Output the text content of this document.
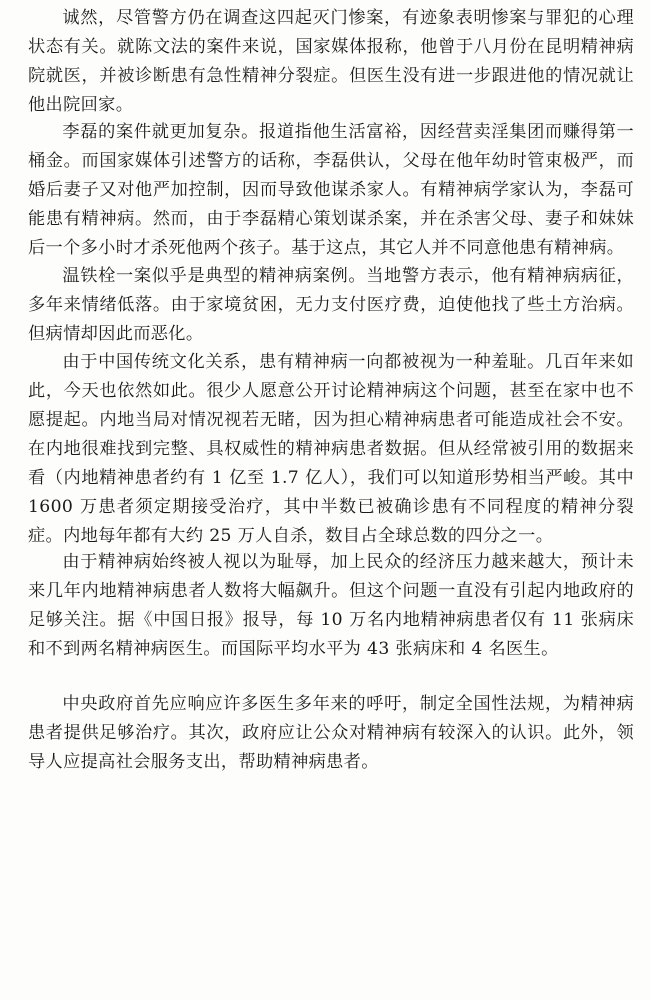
诚然，尽管警方仍在调查这四起灭门惨案，有迹象表明惨案与罪犯的心理状态有关。就陈文法的案件来说，国家媒体报称，他曾于八月份在昆明精神病院就医，并被诊断患有急性精神分裂症。但医生没有进一步跟进他的情况就让他出院回家。

李磊的案件就更加复杂。报道指他生活富裕，因经营卖淫集团而赚得第一桶金。而国家媒体引述警方的话称，李磊供认，父母在他年幼时管束极严，而婚后妻子又对他严加控制，因而导致他谋杀家人。有精神病学家认为，李磊可能患有精神病。然而，由于李磊精心策划谋杀案，并在杀害父母、妻子和妹妹后一个多小时才杀死他两个孩子。基于这点，其它人并不同意他患有精神病。

温铁栓一案似乎是典型的精神病案例。当地警方表示，他有精神病病征，多年来情绪低落。由于家境贫困，无力支付医疗费，迫使他找了些土方治病。但病情却因此而恶化。

由于中国传统文化关系，患有精神病一向都被视为一种羞耻。几百年来如此，今天也依然如此。很少人愿意公开讨论精神病这个问题，甚至在家中也不愿提起。内地当局对情况视若无睹，因为担心精神病患者可能造成社会不安。在内地很难找到完整、具权威性的精神病患者数据。但从经常被引用的数据来看（内地精神患者约有 1 亿至 1.7 亿人），我们可以知道形势相当严峻。其中 1600 万患者须定期接受治疗，其中半数已被确诊患有不同程度的精神分裂症。内地每年都有大约 25 万人自杀，数目占全球总数的四分之一。

由于精神病始终被人视以为耻辱，加上民众的经济压力越来越大，预计未来几年内地精神病患者人数将大幅飙升。但这个问题一直没有引起内地政府的足够关注。据《中国日报》报导，每 10 万名内地精神病患者仅有 11 张病床和不到两名精神病医生。而国际平均水平为 43 张病床和 4 名医生。

中央政府首先应响应许多医生多年来的呼吁，制定全国性法规，为精神病患者提供足够治疗。其次，政府应让公众对精神病有较深入的认识。此外，领导人应提高社会服务支出，帮助精神病患者。
